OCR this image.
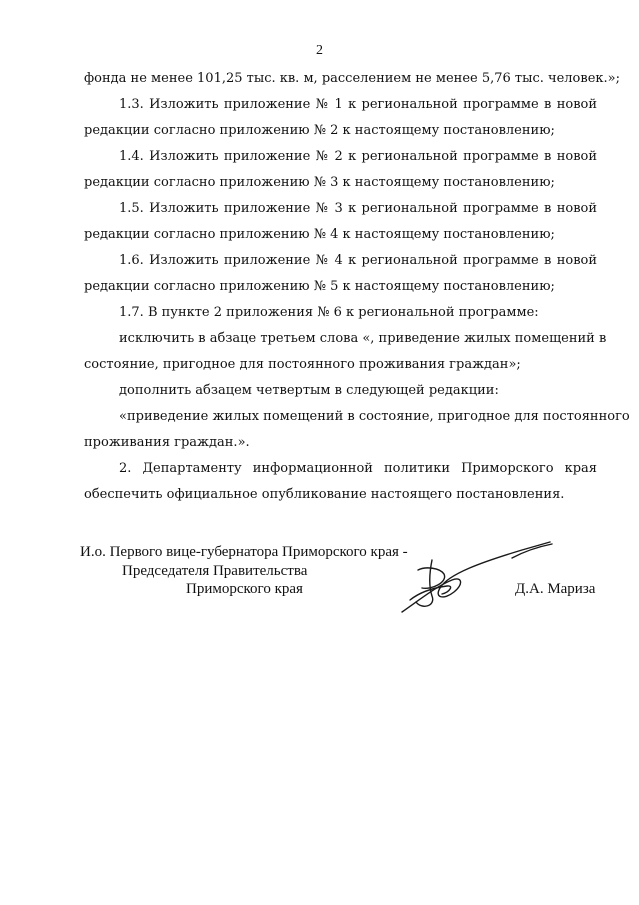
2
фонда не менее 101,25 тыс. кв. м, расселением не менее 5,76 тыс. человек.»;
1.3. Изложить приложение № 1 к региональной программе в новой
редакции согласно приложению № 2 к настоящему постановлению;
1.4. Изложить приложение № 2 к региональной программе в новой
редакции согласно приложению № 3 к настоящему постановлению;
1.5. Изложить приложение № 3 к региональной программе в новой
редакции согласно приложению № 4 к настоящему постановлению;
1.6. Изложить приложение № 4 к региональной программе в новой
редакции согласно приложению № 5 к настоящему постановлению;
1.7. В пункте 2 приложения № 6 к региональной программе:
исключить в абзаце третьем слова «, приведение жилых помещений в
состояние, пригодное для постоянного проживания граждан»;
дополнить абзацем четвертым в следующей редакции:
«приведение жилых помещений в состояние, пригодное для постоянного
проживания граждан.».
2. Департаменту информационной политики Приморского края
обеспечить официальное опубликование настоящего постановления.
И.о. Первого вице-губернатора Приморского края -
Председателя Правительства
Приморского края	Д.А. Мариза
